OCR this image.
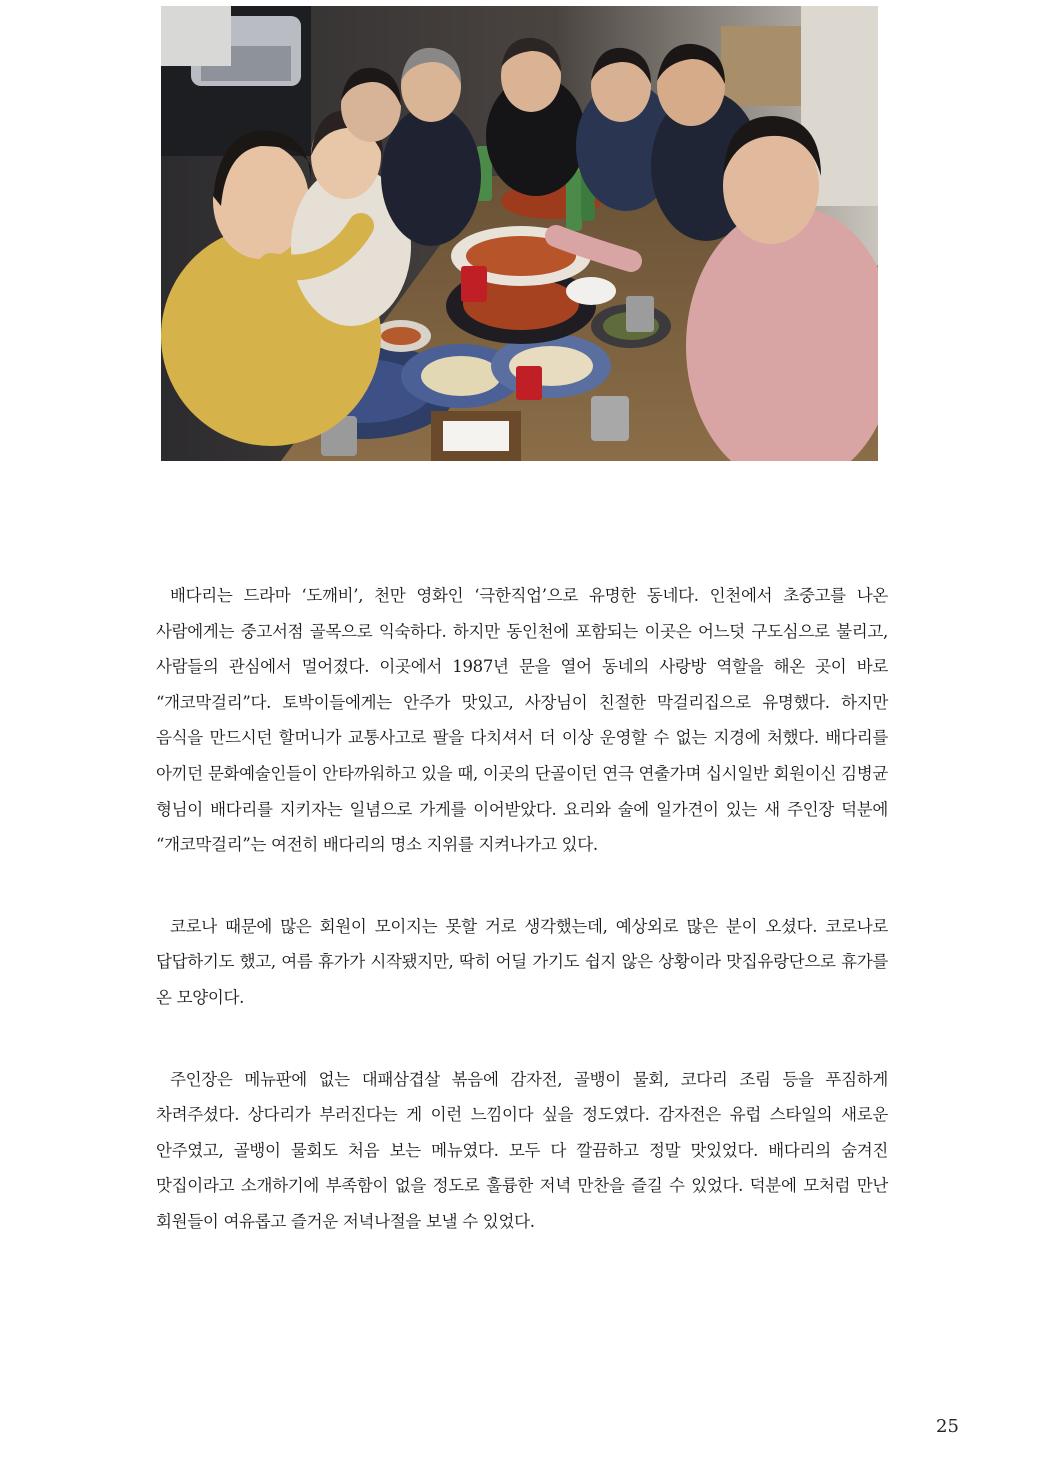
배다리는 드라마 ‘도깨비’, 천만 영화인 ‘극한직업’으로 유명한 동네다. 인천에서 초중고를 나온 사람에게는 중고서점 골목으로 익숙하다. 하지만 동인천에 포함되는 이곳은 어느덧 구도심으로 불리고, 사람들의 관심에서 멀어졌다. 이곳에서 1987년 문을 열어 동네의 사랑방 역할을 해온 곳이 바로 “개코막걸리”다. 토박이들에게는 안주가 맛있고, 사장님이 친절한 막걸리집으로 유명했다. 하지만 음식을 만드시던 할머니가 교통사고로 팔을 다치셔서 더 이상 운영할 수 없는 지경에 처했다. 배다리를 아끼던 문화예술인들이 안타까워하고 있을 때, 이곳의 단골이던 연극 연출가며 십시일반 회원이신 김병균 형님이 배다리를 지키자는 일념으로 가게를 이어받았다. 요리와 술에 일가견이 있는 새 주인장 덕분에 “개코막걸리”는 여전히 배다리의 명소 지위를 지켜나가고 있다.

코로나 때문에 많은 회원이 모이지는 못할 거로 생각했는데, 예상외로 많은 분이 오셨다. 코로나로 답답하기도 했고, 여름 휴가가 시작됐지만, 딱히 어딜 가기도 쉽지 않은 상황이라 맛집유랑단으로 휴가를 온 모양이다.

주인장은 메뉴판에 없는 대패삼겹살 볶음에 감자전, 골뱅이 물회, 코다리 조림 등을 푸짐하게 차려주셨다. 상다리가 부러진다는 게 이런 느낌이다 싶을 정도였다. 감자전은 유럽 스타일의 새로운 안주였고, 골뱅이 물회도 처음 보는 메뉴였다. 모두 다 깔끔하고 정말 맛있었다. 배다리의 숨겨진 맛집이라고 소개하기에 부족함이 없을 정도로 훌륭한 저녁 만찬을 즐길 수 있었다. 덕분에 모처럼 만난 회원들이 여유롭고 즐거운 저녁나절을 보낼 수 있었다.

25
